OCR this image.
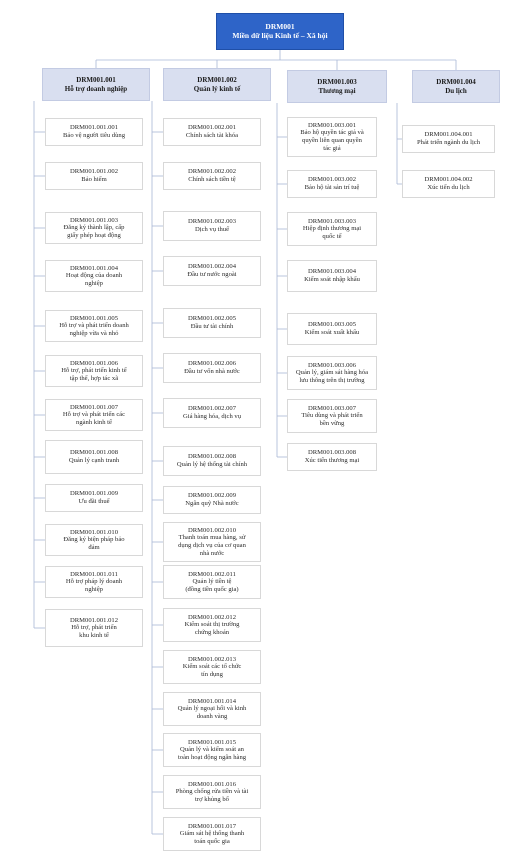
DRM001
Miền dữ liệu Kinh tế – Xã hội
DRM001.001
Hỗ trợ doanh nghiệp
DRM001.001.001
Bảo vệ người tiêu dùng
DRM001.001.002
Bảo hiểm
DRM001.001.003
Đăng ký thành lập, cấp
giấy phép hoạt động
DRM001.001.004
Hoạt động của doanh
nghiệp
DRM001.001.005
Hỗ trợ và phát triển doanh
nghiệp vừa và nhỏ
DRM001.001.006
Hỗ trợ, phát triển kinh tế
tập thể, hợp tác xã
DRM001.001.007
Hỗ trợ và phát triển các
ngành kinh tế
DRM001.001.008
Quản lý cạnh tranh
DRM001.001.009
Ưu đãi thuế
DRM001.001.010
Đăng ký biện pháp bảo
đảm
DRM001.001.011
Hỗ trợ pháp lý doanh
nghiệp
DRM001.001.012
Hỗ trợ, phát triển
khu kinh tế
DRM001.002
Quản lý kinh tế
DRM001.002.001
Chính sách tài khóa
DRM001.002.002
Chính sách tiền tệ
DRM001.002.003
Dịch vụ thuế
DRM001.002.004
Đầu tư nước ngoài
DRM001.002.005
Đầu tư tài chính
DRM001.002.006
Đầu tư vốn nhà nước
DRM001.002.007
Giá hàng hóa, dịch vụ
DRM001.002.008
Quản lý hệ thống tài chính
DRM001.002.009
Ngân quỹ Nhà nước
DRM001.002.010
Thanh toán mua hàng, sử
dụng dịch vụ của cơ quan
nhà nước
DRM001.002.011
Quản lý tiền tệ
(đồng tiền quốc gia)
DRM001.002.012
Kiểm soát thị trường
chứng khoán
DRM001.002.013
Kiểm soát các tổ chức
tín dụng
DRM001.001.014
Quản lý ngoại hối và kinh
doanh vàng
DRM001.001.015
Quản lý và kiểm soát an
toàn hoạt động ngân hàng
DRM001.001.016
Phòng chống rửa tiền và tài
trợ khủng bố
DRM001.001.017
Giám sát hệ thống thanh
toán quốc gia
DRM001.003
Thương mại
DRM001.003.001
Bảo hộ quyền tác giả và
quyền liên quan quyền
tác giả
DRM001.003.002
Bảo hộ tài sản trí tuệ
DRM001.003.003
Hiệp định thương mại
quốc tế
DRM001.003.004
Kiểm soát nhập khẩu
DRM001.003.005
Kiểm soát xuất khẩu
DRM001.003.006
Quản lý, giám sát hàng hóa
lưu thông trên thị trường
DRM001.003.007
Tiêu dùng và phát triển
bền vững
DRM001.003.008
Xúc tiến thương mại
DRM001.004
Du lịch
DRM001.004.001
Phát triển ngành du lịch
DRM001.004.002
Xúc tiến du lịch
